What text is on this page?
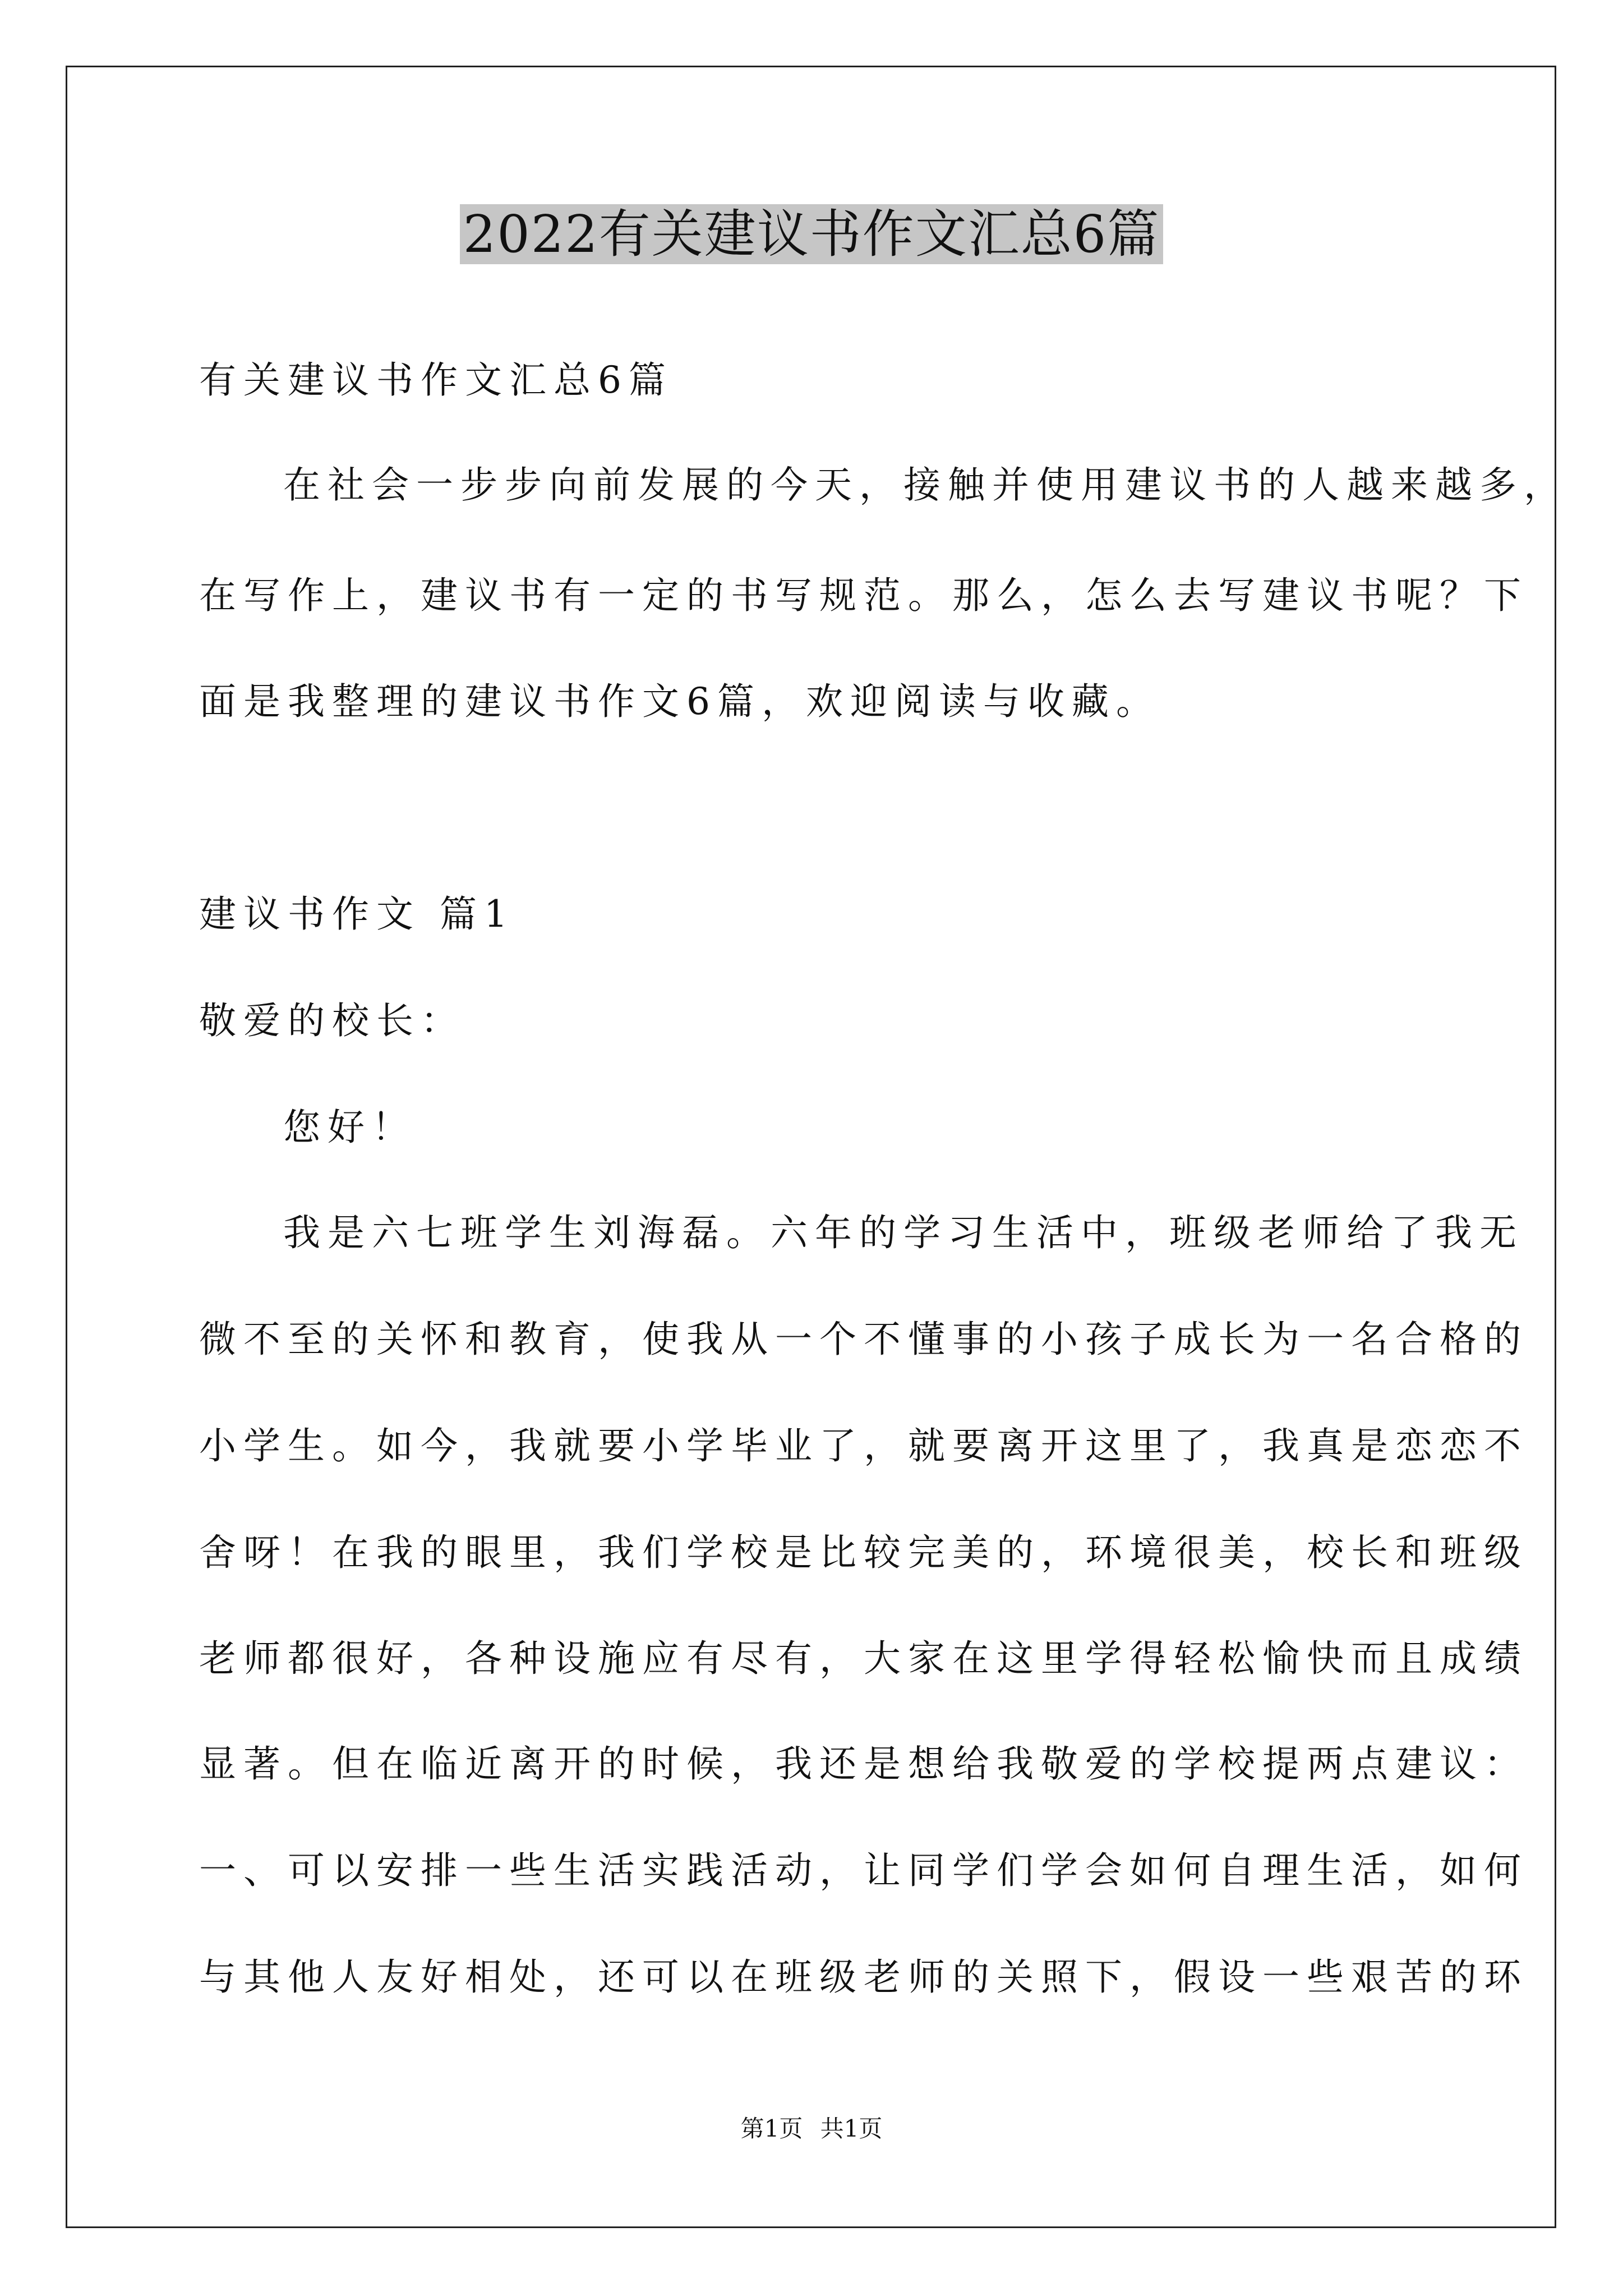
2022有关建议书作文汇总6篇
有关建议书作文汇总6篇
在社会一步步向前发展的今天，接触并使用建议书的人越来越多，
在写作上，建议书有一定的书写规范。那么，怎么去写建议书呢？下
面是我整理的建议书作文6篇，欢迎阅读与收藏。
建议书作文 篇1
敬爱的校长：
您好！
我是六七班学生刘海磊。六年的学习生活中，班级老师给了我无
微不至的关怀和教育，使我从一个不懂事的小孩子成长为一名合格的
小学生。如今，我就要小学毕业了，就要离开这里了，我真是恋恋不
舍呀！在我的眼里，我们学校是比较完美的，环境很美，校长和班级
老师都很好，各种设施应有尽有，大家在这里学得轻松愉快而且成绩
显著。但在临近离开的时候，我还是想给我敬爱的学校提两点建议：
一、可以安排一些生活实践活动，让同学们学会如何自理生活，如何
与其他人友好相处，还可以在班级老师的关照下，假设一些艰苦的环
第1页 共1页
